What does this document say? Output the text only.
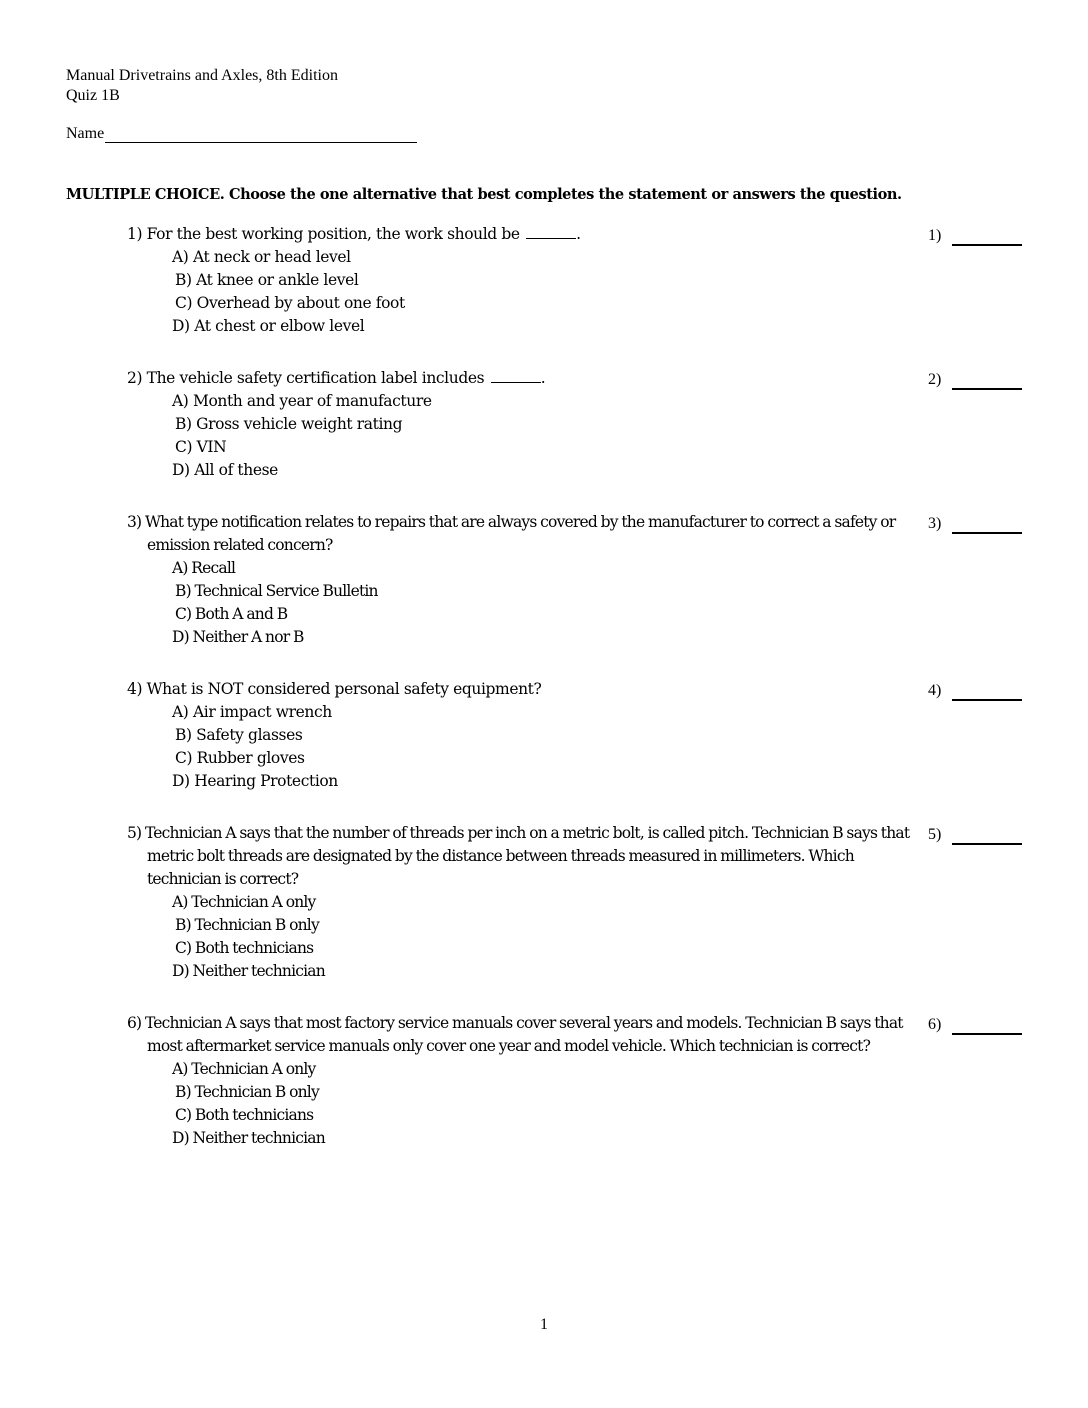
Manual Drivetrains and Axles, 8th Edition
Quiz 1B
Name
MULTIPLE CHOICE. Choose the one alternative that best completes the statement or answers the question.
1) For the best working position, the work should be	.
A) At neck or head level
B) At knee or ankle level
C) Overhead by about one foot
D) At chest or elbow level
1)
2) The vehicle safety certification label includes	.
A) Month and year of manufacture
B) Gross vehicle weight rating
C) VIN
D) All of these
2)
3) What type notification relates to repairs that are always covered by the manufacturer to correct a safety or emission related concern?
A) Recall
B) Technical Service Bulletin
C) Both A and B
D) Neither A nor B
3)
4) What is NOT considered personal safety equipment?
A) Air impact wrench
B) Safety glasses
C) Rubber gloves
D) Hearing Protection
4)
5) Technician A says that the number of threads per inch on a metric bolt, is called pitch. Technician B says that metric bolt threads are designated by the distance between threads measured in millimeters. Which technician is correct?
A) Technician A only
B) Technician B only
C) Both technicians
D) Neither technician
5)
6) Technician A says that most factory service manuals cover several years and models. Technician B says that most aftermarket service manuals only cover one year and model vehicle. Which technician is correct?
A) Technician A only
B) Technician B only
C) Both technicians
D) Neither technician
6)
1
